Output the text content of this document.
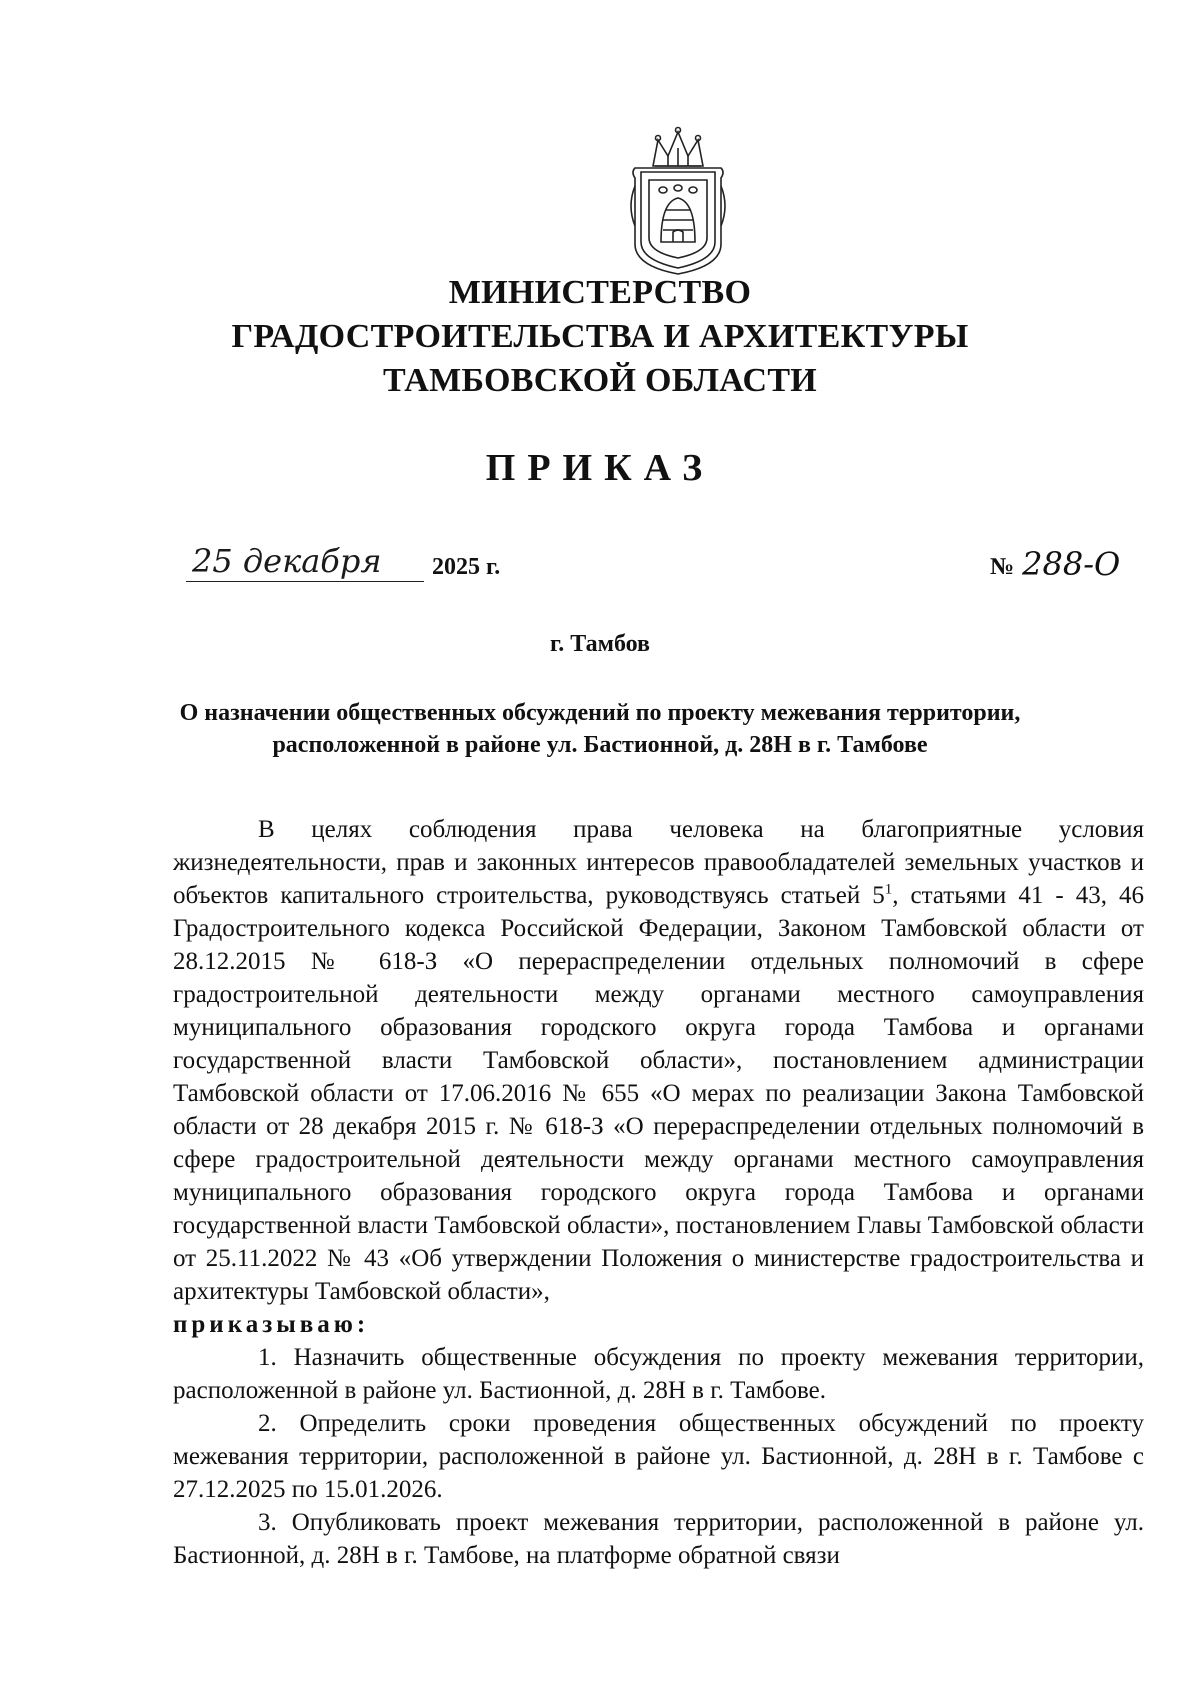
МИНИСТЕРСТВО
ГРАДОСТРОИТЕЛЬСТВА И АРХИТЕКТУРЫ
ТАМБОВСКОЙ ОБЛАСТИ
ПРИКАЗ
25 декабря	2025 г.	№ 288-О
г. Тамбов
О назначении общественных обсуждений по проекту межевания территории, расположенной в районе ул. Бастионной, д. 28Н в г. Тамбове

В целях соблюдения права человека на благоприятные условия жизнедеятельности, прав и законных интересов правообладателей земельных участков и объектов капитального строительства, руководствуясь статьей $5^1$, статьями 41 - 43, 46 Градостроительного кодекса Российской Федерации, Законом Тамбовской области от 28.12.2015 № 618-З «О перераспределении отдельных полномочий в сфере градостроительной деятельности между органами местного самоуправления муниципального образования городского округа города Тамбова и органами государственной власти Тамбовской области», постановлением администрации Тамбовской области от 17.06.2016 № 655 «О мерах по реализации Закона Тамбовской области от 28 декабря 2015 г. № 618-З «О перераспределении отдельных полномочий в сфере градостроительной деятельности между органами местного самоуправления муниципального образования городского округа города Тамбова и органами государственной власти Тамбовской области», постановлением Главы Тамбовской области от 25.11.2022 № 43 «Об утверждении Положения о министерстве градостроительства и архитектуры Тамбовской области»,

приказываю:

1. Назначить общественные обсуждения по проекту межевания территории, расположенной в районе ул. Бастионной, д. 28Н в г. Тамбове.

2. Определить сроки проведения общественных обсуждений по проекту межевания территории, расположенной в районе ул. Бастионной, д. 28Н в г. Тамбове с 27.12.2025 по 15.01.2026.

3. Опубликовать проект межевания территории, расположенной в районе ул. Бастионной, д. 28Н в г. Тамбове, на платформе обратной связи
